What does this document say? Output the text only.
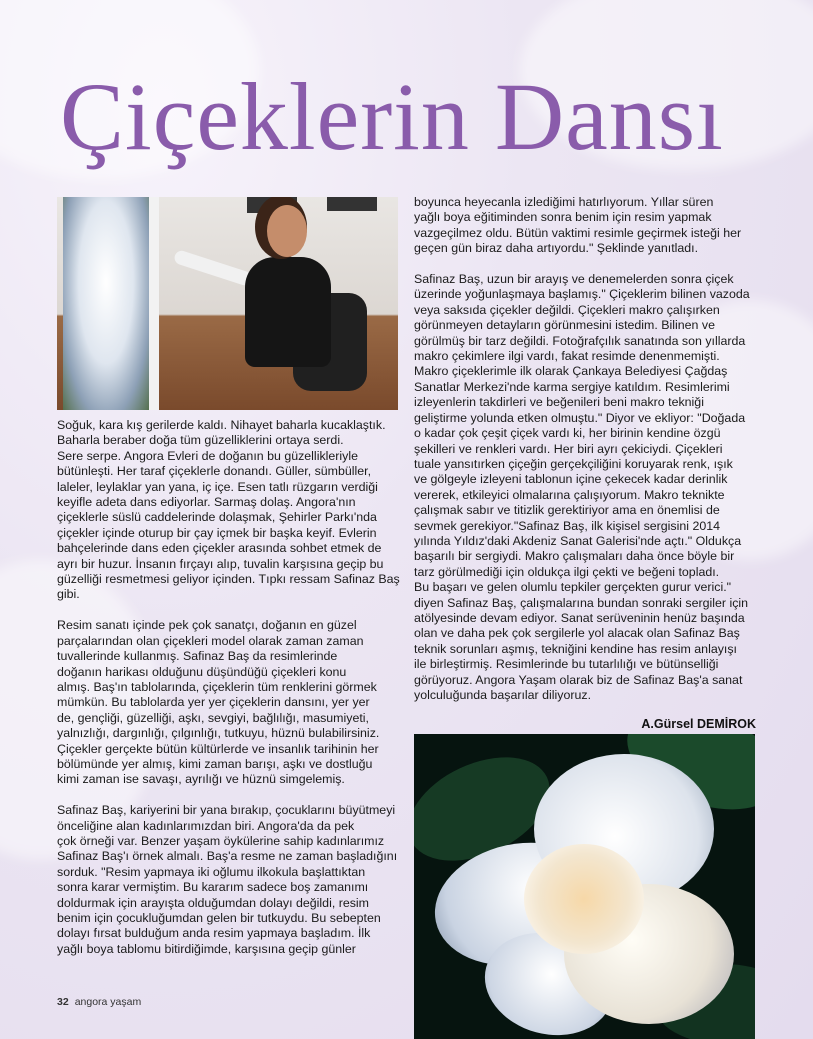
Çiçeklerin Dansı

Soğuk, kara kış gerilerde kaldı. Nihayet baharla kucaklaştık.
Baharla beraber doğa tüm güzelliklerini ortaya serdi.
Sere serpe. Angora Evleri de doğanın bu güzellikleriyle
bütünleşti. Her taraf çiçeklerle donandı. Güller, sümbüller,
laleler, leylaklar yan yana, iç içe. Esen tatlı rüzgarın verdiği
keyifle adeta dans ediyorlar. Sarmaş dolaş. Angora'nın
çiçeklerle süslü caddelerinde dolaşmak, Şehirler Parkı'nda
çiçekler içinde oturup bir çay içmek bir başka keyif. Evlerin
bahçelerinde dans eden çiçekler arasında sohbet etmek de
ayrı bir huzur. İnsanın fırçayı alıp, tuvalin karşısına geçip bu
güzelliği resmetmesi geliyor içinden. Tıpkı ressam Safinaz Baş
gibi.

Resim sanatı içinde pek çok sanatçı, doğanın en güzel
parçalarından olan çiçekleri model olarak zaman zaman
tuvallerinde kullanmış. Safinaz Baş da resimlerinde
doğanın harikası olduğunu düşündüğü çiçekleri konu
almış. Baş'ın tablolarında, çiçeklerin tüm renklerini görmek
mümkün. Bu tablolarda yer yer çiçeklerin dansını, yer yer
de, gençliği, güzelliği, aşkı, sevgiyi, bağlılığı, masumiyeti,
yalnızlığı, dargınlığı, çılgınlığı, tutkuyu, hüznü bulabilirsiniz.
Çiçekler gerçekte bütün kültürlerde ve insanlık tarihinin her
bölümünde yer almış, kimi zaman barışı, aşkı ve dostluğu
kimi zaman ise savaşı, ayrılığı ve hüznü simgelemiş.

Safinaz Baş, kariyerini bir yana bırakıp, çocuklarını büyütmeyi
önceliğine alan kadınlarımızdan biri. Angora'da da pek
çok örneği var. Benzer yaşam öykülerine sahip kadınlarımız
Safinaz Baş'ı örnek almalı. Baş'a resme ne zaman başladığını
sorduk. "Resim yapmaya iki oğlumu ilkokula başlattıktan
sonra karar vermiştim. Bu kararım sadece boş zamanımı
doldurmak için arayışta olduğumdan dolayı değildi, resim
benim için çocukluğumdan gelen bir tutkuydu. Bu sebepten
dolayı fırsat bulduğum anda resim yapmaya başladım. İlk
yağlı boya tablomu bitirdiğimde, karşısına geçip günler

boyunca heyecanla izlediğimi hatırlıyorum. Yıllar süren
yağlı boya eğitiminden sonra benim için resim yapmak
vazgeçilmez oldu. Bütün vaktimi resimle geçirmek isteği her
geçen gün biraz daha artıyordu." Şeklinde yanıtladı.

Safinaz Baş, uzun bir arayış ve denemelerden sonra çiçek
üzerinde yoğunlaşmaya başlamış." Çiçeklerim bilinen vazoda
veya saksıda çiçekler değildi. Çiçekleri makro çalışırken
görünmeyen detayların görünmesini istedim. Bilinen ve
görülmüş bir tarz değildi. Fotoğrafçılık sanatında son yıllarda
makro çekimlere ilgi vardı, fakat resimde denenmemişti.
Makro çiçeklerimle ilk olarak Çankaya Belediyesi Çağdaş
Sanatlar Merkezi'nde karma sergiye katıldım. Resimlerimi
izleyenlerin takdirleri ve beğenileri beni makro tekniği
geliştirme yolunda etken olmuştu." Diyor ve ekliyor: "Doğada
o kadar çok çeşit çiçek vardı ki, her birinin kendine özgü
şekilleri ve renkleri vardı. Her biri ayrı çekiciydi. Çiçekleri
tuale yansıtırken çiçeğin gerçekçiliğini koruyarak renk, ışık
ve gölgeyle izleyeni tablonun içine çekecek kadar derinlik
vererek, etkileyici olmalarına çalışıyorum. Makro teknikte
çalışmak sabır ve titizlik gerektiriyor ama en önemlisi de
sevmek gerekiyor."Safinaz Baş, ilk kişisel sergisini 2014
yılında Yıldız'daki Akdeniz Sanat Galerisi'nde açtı." Oldukça
başarılı bir sergiydi. Makro çalışmaları daha önce böyle bir
tarz görülmediği için oldukça ilgi çekti ve beğeni topladı.
Bu başarı ve gelen olumlu tepkiler gerçekten gurur verici."
diyen Safinaz Baş, çalışmalarına bundan sonraki sergiler için
atölyesinde devam ediyor. Sanat serüveninin henüz başında
olan ve daha pek çok sergilerle yol alacak olan Safinaz Baş
teknik sorunları aşmış, tekniğini kendine has resim anlayışı
ile birleştirmiş. Resimlerinde bu tutarlılığı ve bütünselliği
görüyoruz. Angora Yaşam olarak biz de Safinaz Baş'a sanat
yolculuğunda başarılar diliyoruz.

A.Gürsel DEMİROK
32 angora yaşam
